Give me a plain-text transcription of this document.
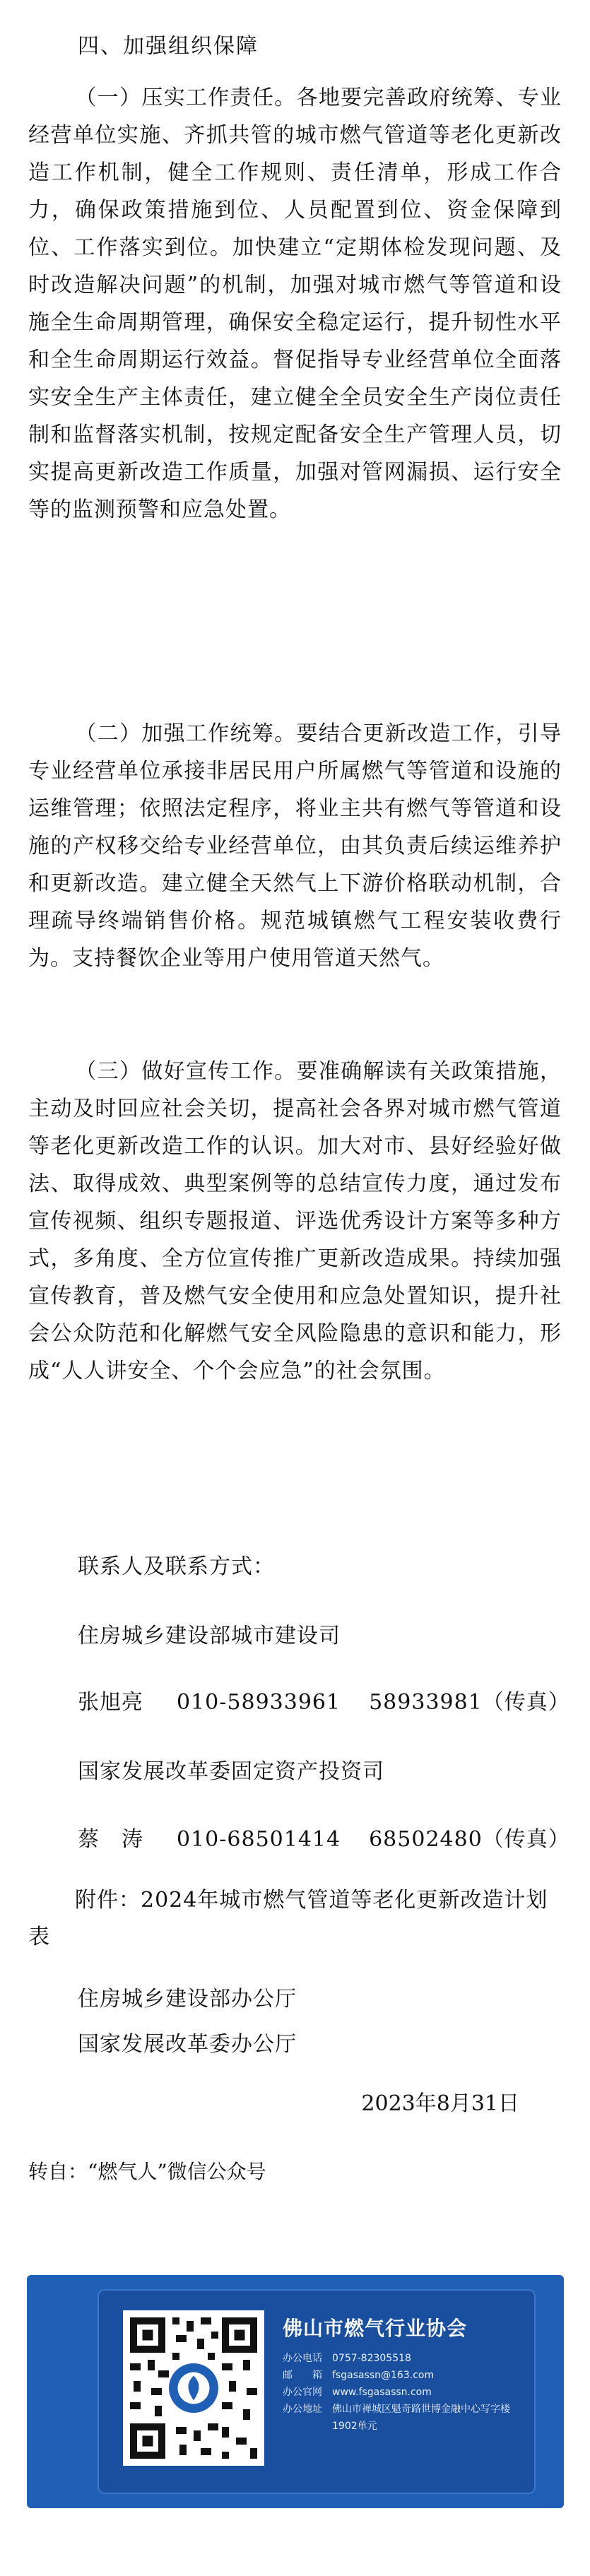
四、加强组织保障
（一）压实工作责任。各地要完善政府统筹、专业经营单位实施、齐抓共管的城市燃气管道等老化更新改造工作机制，健全工作规则、责任清单，形成工作合力，确保政策措施到位、人员配置到位、资金保障到位、工作落实到位。加快建立“定期体检发现问题、及时改造解决问题”的机制，加强对城市燃气等管道和设施全生命周期管理，确保安全稳定运行，提升韧性水平和全生命周期运行效益。督促指导专业经营单位全面落实安全生产主体责任，建立健全全员安全生产岗位责任制和监督落实机制，按规定配备安全生产管理人员，切实提高更新改造工作质量，加强对管网漏损、运行安全等的监测预警和应急处置。
（二）加强工作统筹。要结合更新改造工作，引导专业经营单位承接非居民用户所属燃气等管道和设施的运维管理；依照法定程序，将业主共有燃气等管道和设施的产权移交给专业经营单位，由其负责后续运维养护和更新改造。建立健全天然气上下游价格联动机制，合理疏导终端销售价格。规范城镇燃气工程安装收费行为。支持餐饮企业等用户使用管道天然气。
（三）做好宣传工作。要准确解读有关政策措施，主动及时回应社会关切，提高社会各界对城市燃气管道等老化更新改造工作的认识。加大对市、县好经验好做法、取得成效、典型案例等的总结宣传力度，通过发布宣传视频、组织专题报道、评选优秀设计方案等多种方式，多角度、全方位宣传推广更新改造成果。持续加强宣传教育，普及燃气安全使用和应急处置知识，提升社会公众防范和化解燃气安全风险隐患的意识和能力，形成“人人讲安全、个个会应急”的社会氛围。
联系人及联系方式：
住房城乡建设部城市建设司
张旭亮 010-58933961 58933981（传真）
国家发展改革委固定资产投资司
蔡　涛 010-68501414 68502480（传真）
附件：2024年城市燃气管道等老化更新改造计划表
住房城乡建设部办公厅
国家发展改革委办公厅
2023年8月31日
转自：“燃气人”微信公众号
佛山市燃气行业协会
办公电话	0757-82305518
邮　　箱	fsgasassn@163.com
办公官网	www.fsgasassn.com
办公地址	佛山市禅城区魁奇路世博金融中心写字楼1902单元
